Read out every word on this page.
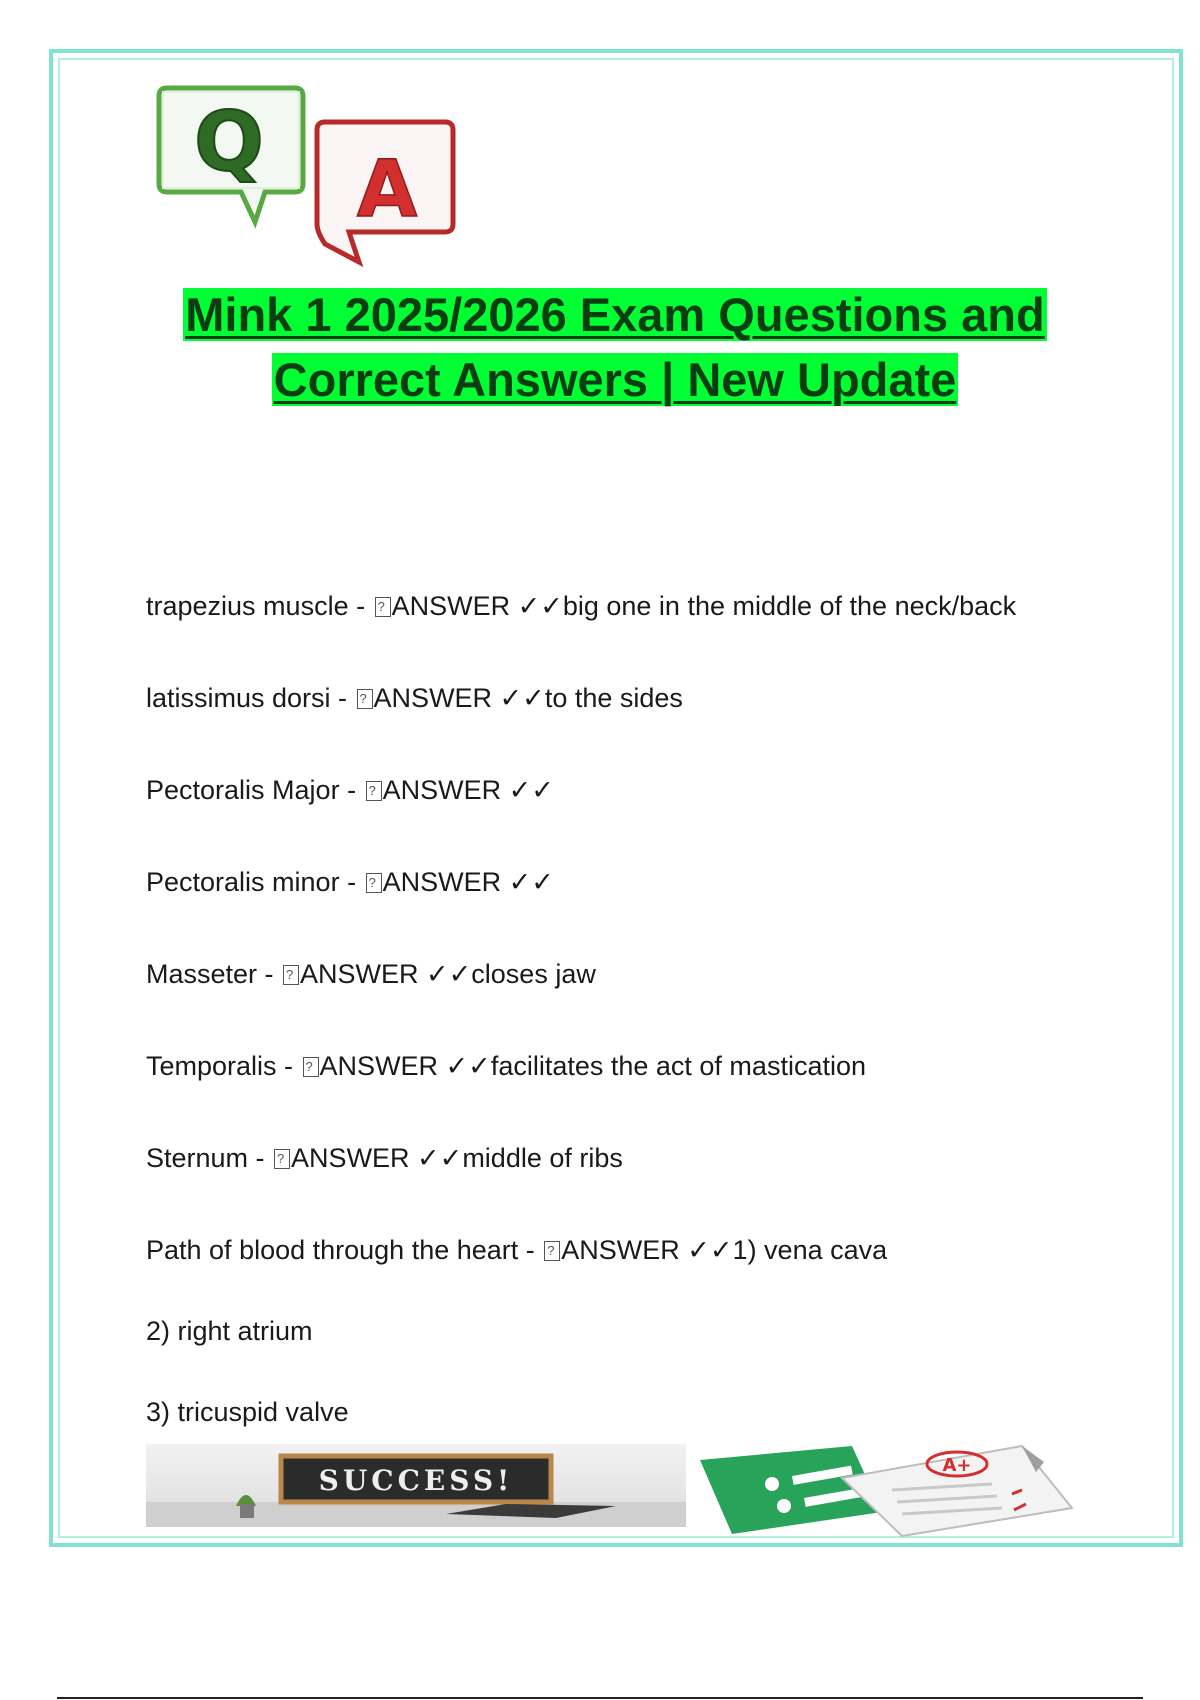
Q A
Mink 1 2025/2026 Exam Questions and
Correct Answers | New Update
trapezius muscle - ?ANSWER ✓✓big one in the middle of the neck/back
latissimus dorsi - ?ANSWER ✓✓to the sides
Pectoralis Major - ?ANSWER ✓✓
Pectoralis minor - ?ANSWER ✓✓
Masseter - ?ANSWER ✓✓closes jaw
Temporalis - ?ANSWER ✓✓facilitates the act of mastication
Sternum - ?ANSWER ✓✓middle of ribs
Path of blood through the heart - ?ANSWER ✓✓1) vena cava
2) right atrium
3) tricuspid valve
SUCCESS!	A+
